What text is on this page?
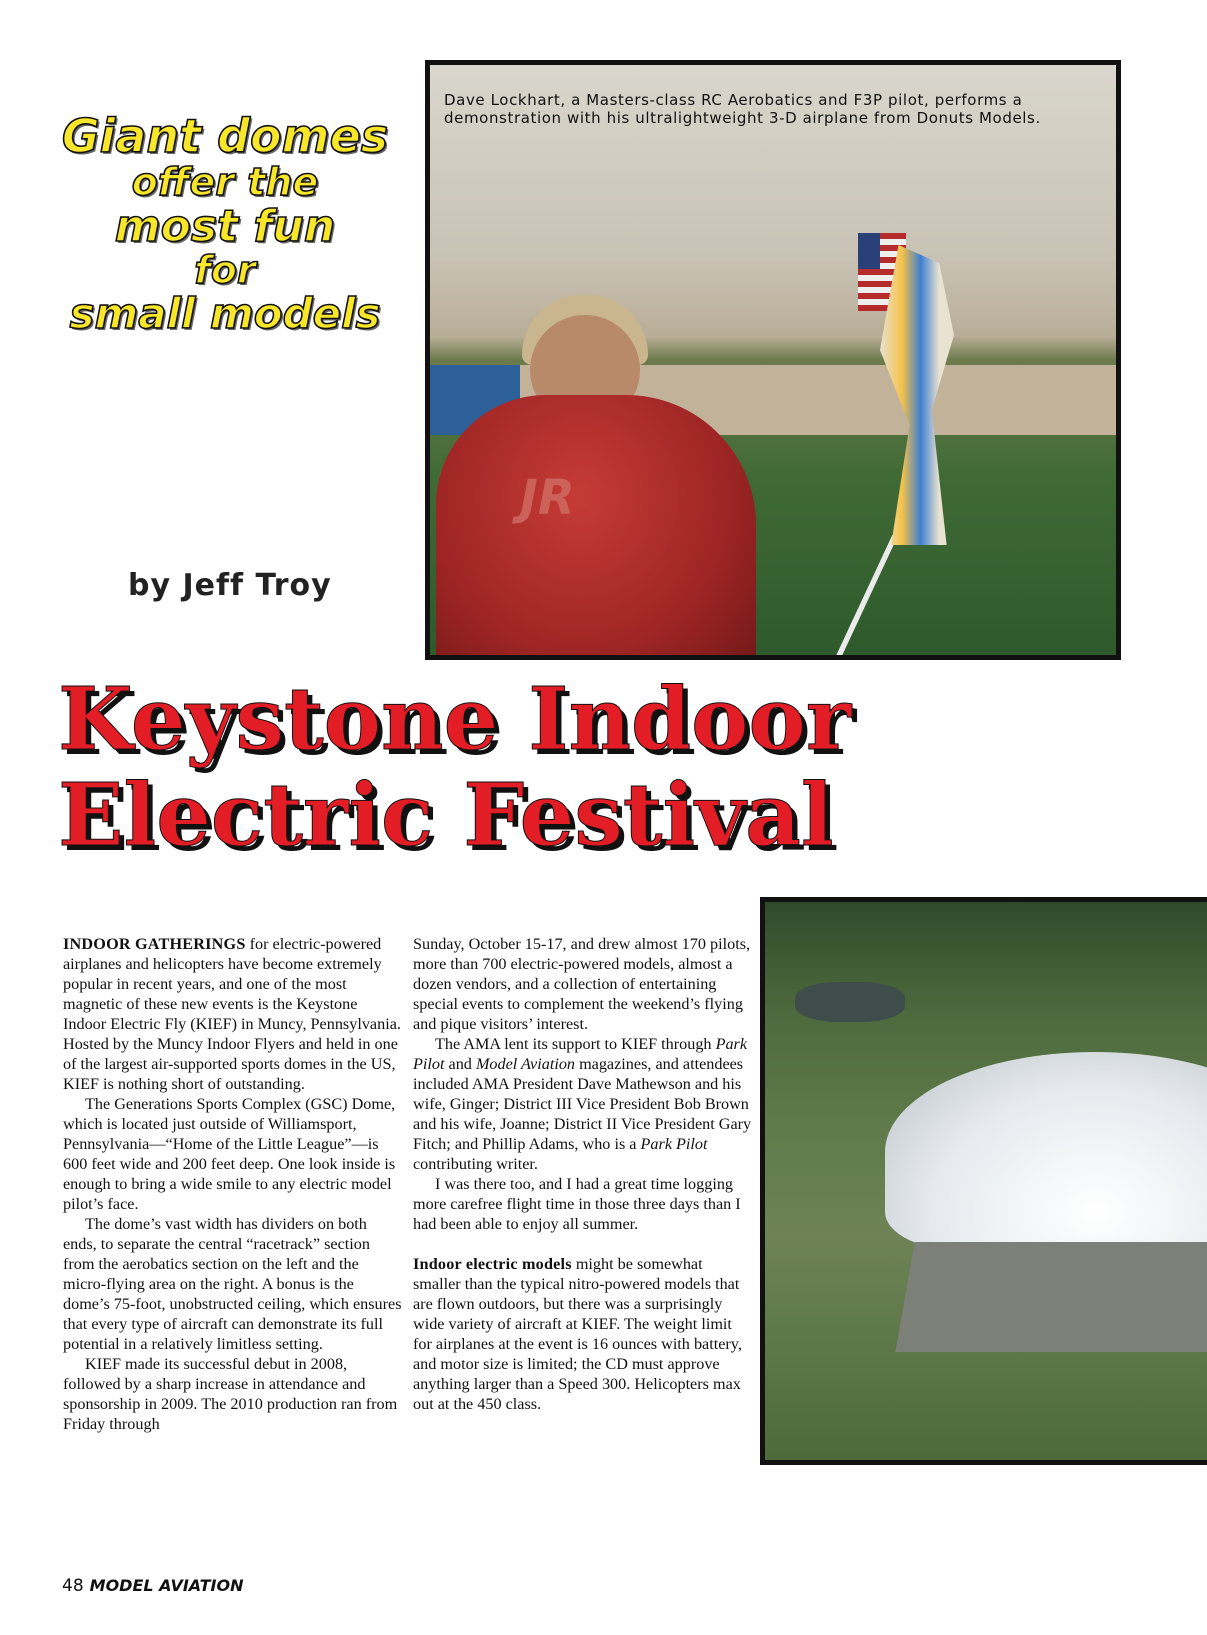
Giant domes
offer the
most fun
for
small models
by Jeff Troy
JR
Dave Lockhart, a Masters-class RC Aerobatics and F3P pilot, performs a demonstration with his ultralightweight 3-D airplane from Donuts Models.
Keystone Indoor
Electric Festival

INDOOR GATHERINGS for electric-powered airplanes and helicopters have become extremely popular in recent years, and one of the most magnetic of these new events is the Keystone Indoor Electric Fly (KIEF) in Muncy, Pennsylvania. Hosted by the Muncy Indoor Flyers and held in one of the largest air-supported sports domes in the US, KIEF is nothing short of outstanding.

The Generations Sports Complex (GSC) Dome, which is located just outside of Williamsport, Pennsylvania—“Home of the Little League”—is 600 feet wide and 200 feet deep. One look inside is enough to bring a wide smile to any electric model pilot’s face.

The dome’s vast width has dividers on both ends, to separate the central “racetrack” section from the aerobatics section on the left and the micro-flying area on the right. A bonus is the dome’s 75-foot, unobstructed ceiling, which ensures that every type of aircraft can demonstrate its full potential in a relatively limitless setting.

KIEF made its successful debut in 2008, followed by a sharp increase in attendance and sponsorship in 2009. The 2010 production ran from Friday through

Sunday, October 15-17, and drew almost 170 pilots, more than 700 electric-powered models, almost a dozen vendors, and a collection of entertaining special events to complement the weekend’s flying and pique visitors’ interest.

The AMA lent its support to KIEF through Park Pilot and Model Aviation magazines, and attendees included AMA President Dave Mathewson and his wife, Ginger; District III Vice President Bob Brown and his wife, Joanne; District II Vice President Gary Fitch; and Phillip Adams, who is a Park Pilot contributing writer.

I was there too, and I had a great time logging more carefree flight time in those three days than I had been able to enjoy all summer.

Indoor electric models might be somewhat smaller than the typical nitro-powered models that are flown outdoors, but there was a surprisingly wide variety of aircraft at KIEF. The weight limit for airplanes at the event is 16 ounces with battery, and motor size is limited; the CD must approve anything larger than a Speed 300. Helicopters max out at the 450 class.

48 MODEL AVIATION
